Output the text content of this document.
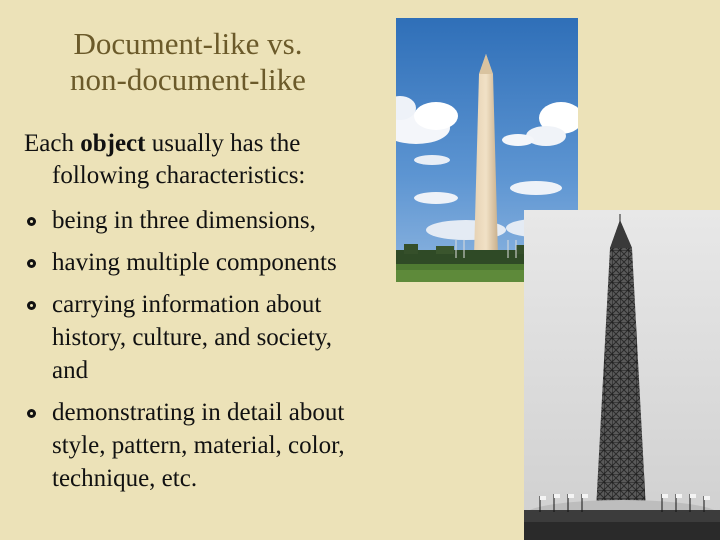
Document-like vs.
non-document-like
Each object usually has the
following characteristics:
being in three dimensions,
having multiple components
carrying information about
history, culture, and society,
and
demonstrating in detail about
style, pattern, material, color,
technique, etc.
